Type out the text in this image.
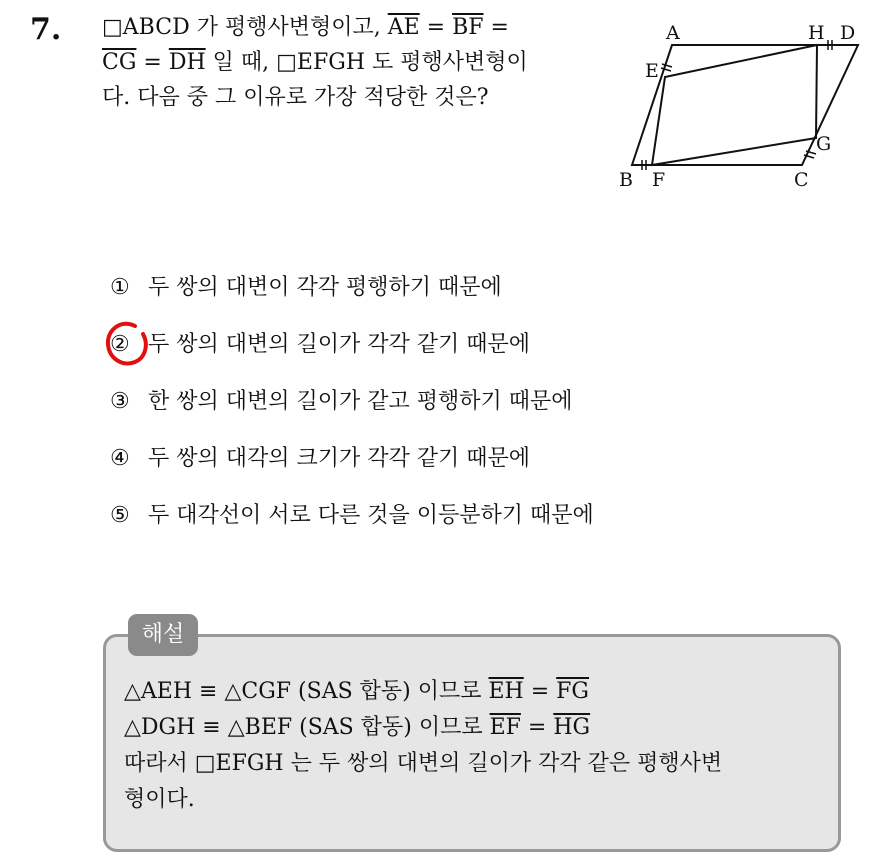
7. □ABCD 가 평행사변형이고, $\overline{AE} = \overline{BF}$ =
$\overline{CG} = \overline{DH}$ 일 때, □EFGH 도 평행사변형이
다. 다음 중 그 이유로 가장 적당한 것은?
A	H D
E
G
B F	C
① 두 쌍의 대변이 각각 평행하기 때문에
② 두 쌍의 대변의 길이가 각각 같기 때문에
③ 한 쌍의 대변의 길이가 같고 평행하기 때문에
④ 두 쌍의 대각의 크기가 각각 같기 때문에
⑤ 두 대각선이 서로 다른 것을 이등분하기 때문에
해설
△AEH ≡ △CGF (SAS 합동) 이므로 $\overline{EH} = \overline{FG}$
△DGH ≡ △BEF (SAS 합동) 이므로 $\overline{EF} = \overline{HG}$
따라서 □EFGH 는 두 쌍의 대변의 길이가 각각 같은 평행사변
형이다.
